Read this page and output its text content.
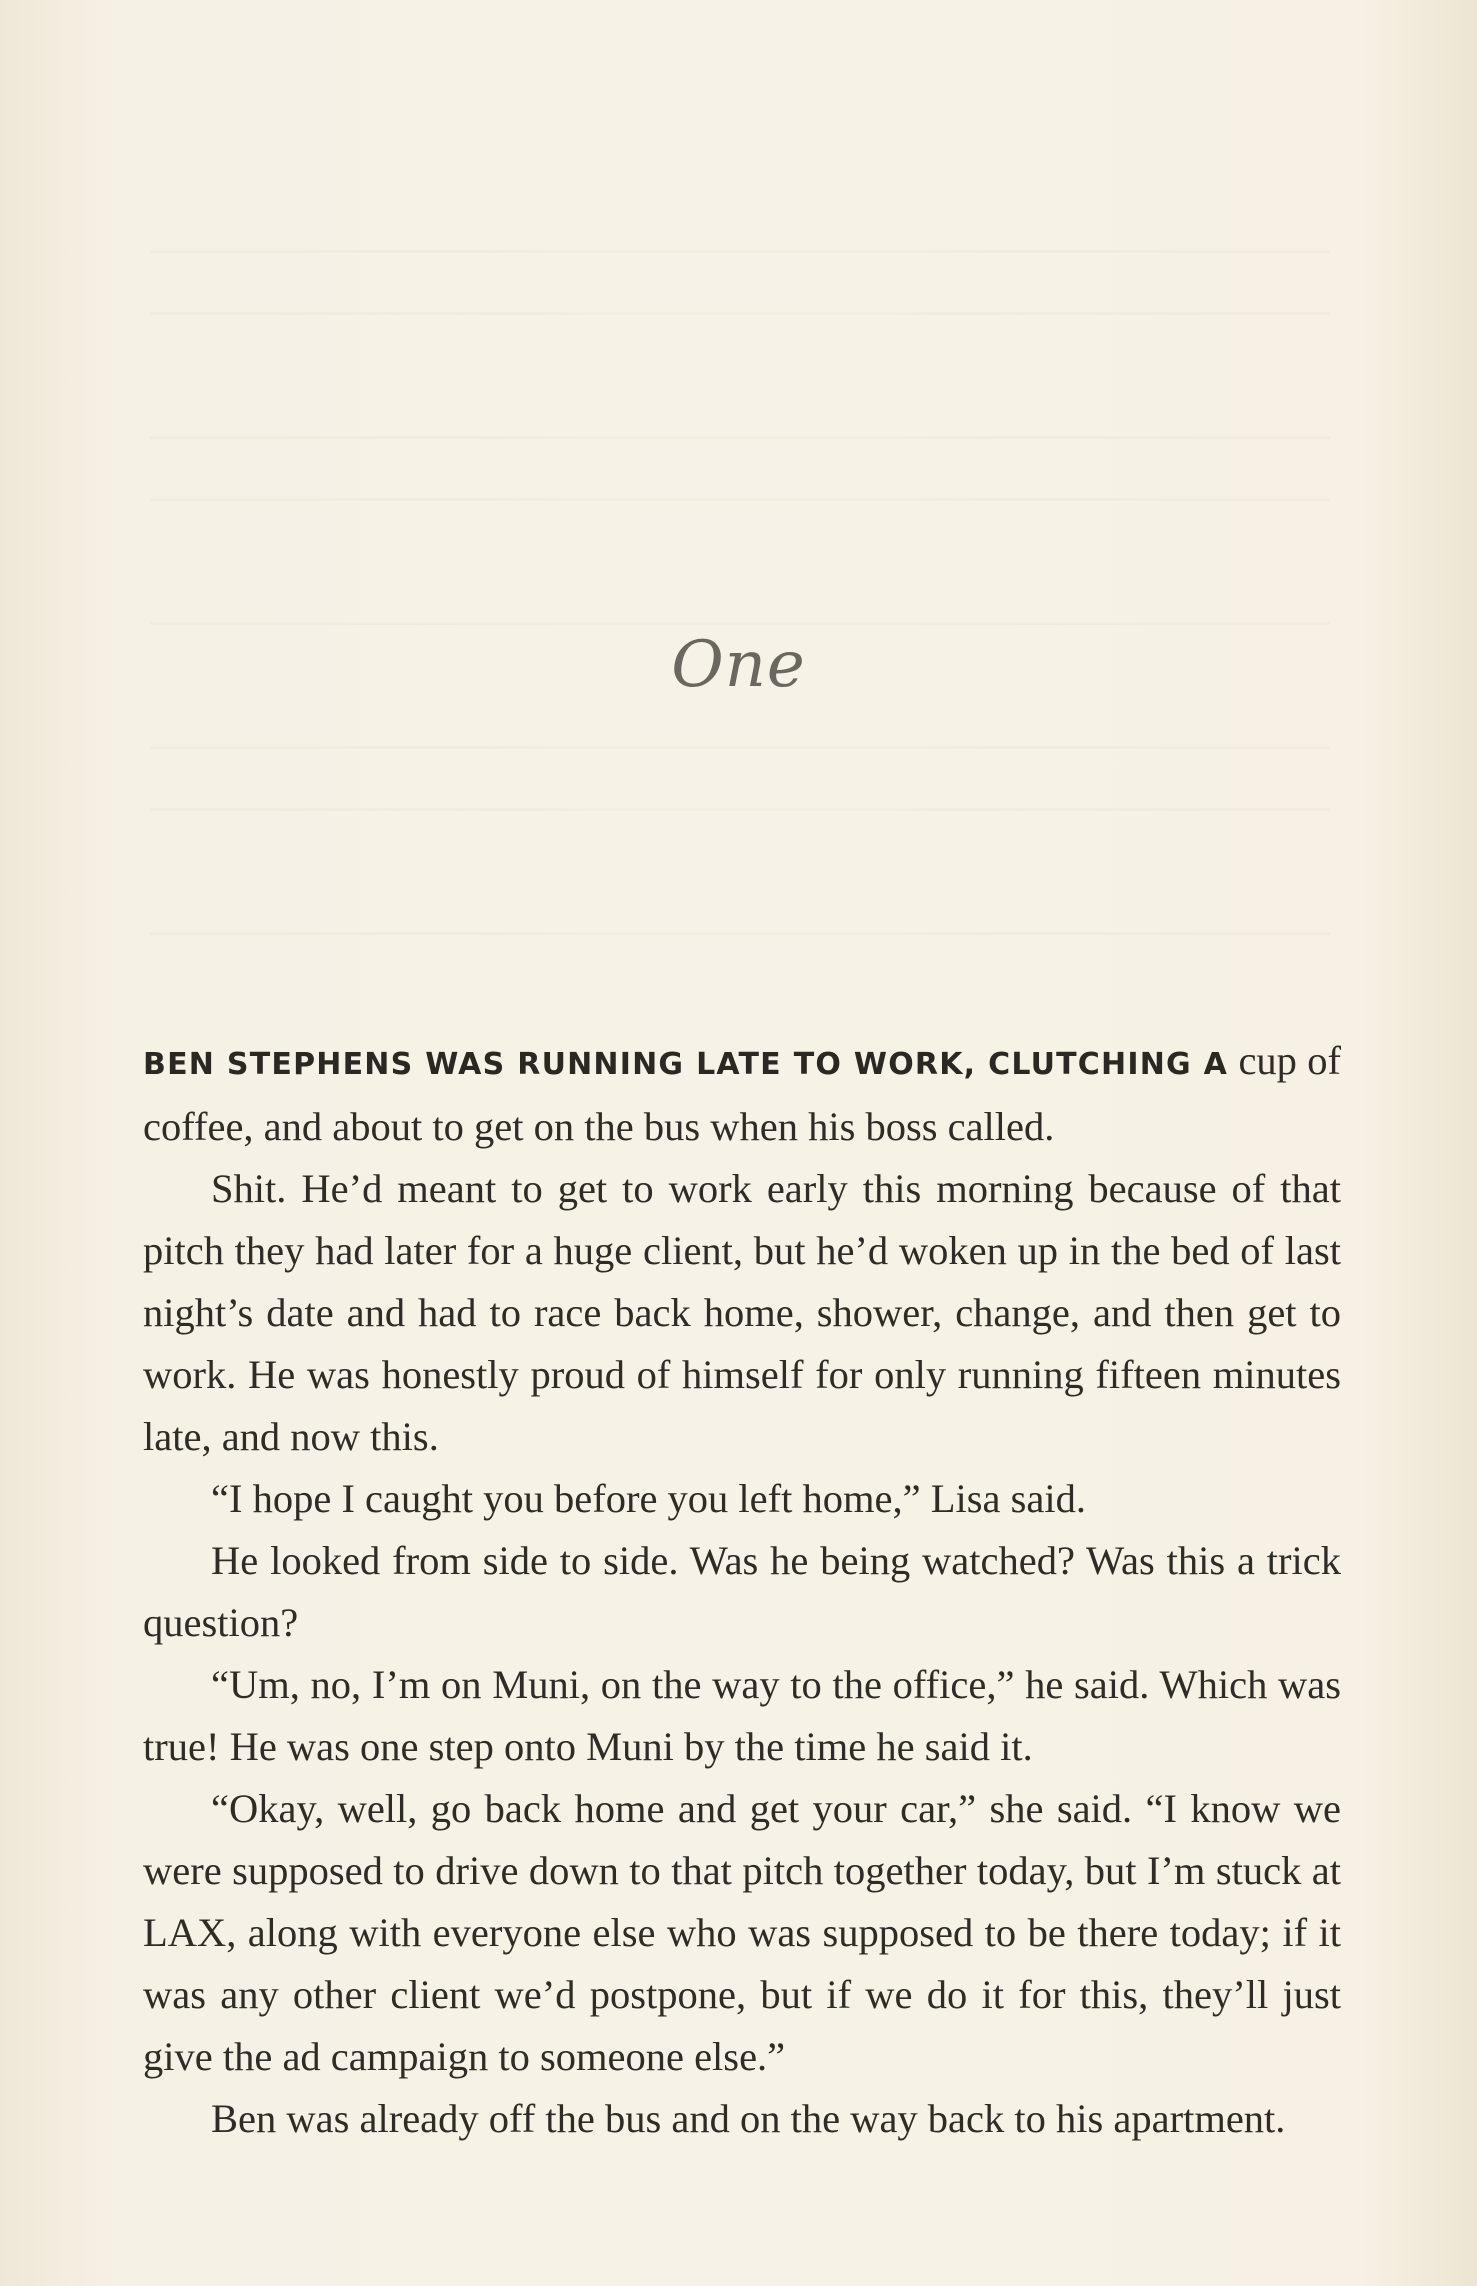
One

BEN STEPHENS WAS RUNNING LATE TO WORK, CLUTCHING A cup of coffee, and about to get on the bus when his boss called.

Shit. He’d meant to get to work early this morning because of that pitch they had later for a huge client, but he’d woken up in the bed of last night’s date and had to race back home, shower, change, and then get to work. He was honestly proud of himself for only running fifteen minutes late, and now this.

“I hope I caught you before you left home,” Lisa said.

He looked from side to side. Was he being watched? Was this a trick question?

“Um, no, I’m on Muni, on the way to the office,” he said. Which was true! He was one step onto Muni by the time he said it.

“Okay, well, go back home and get your car,” she said. “I know we were supposed to drive down to that pitch together today, but I’m stuck at LAX, along with everyone else who was supposed to be there today; if it was any other client we’d postpone, but if we do it for this, they’ll just give the ad campaign to someone else.”

Ben was already off the bus and on the way back to his apartment.
